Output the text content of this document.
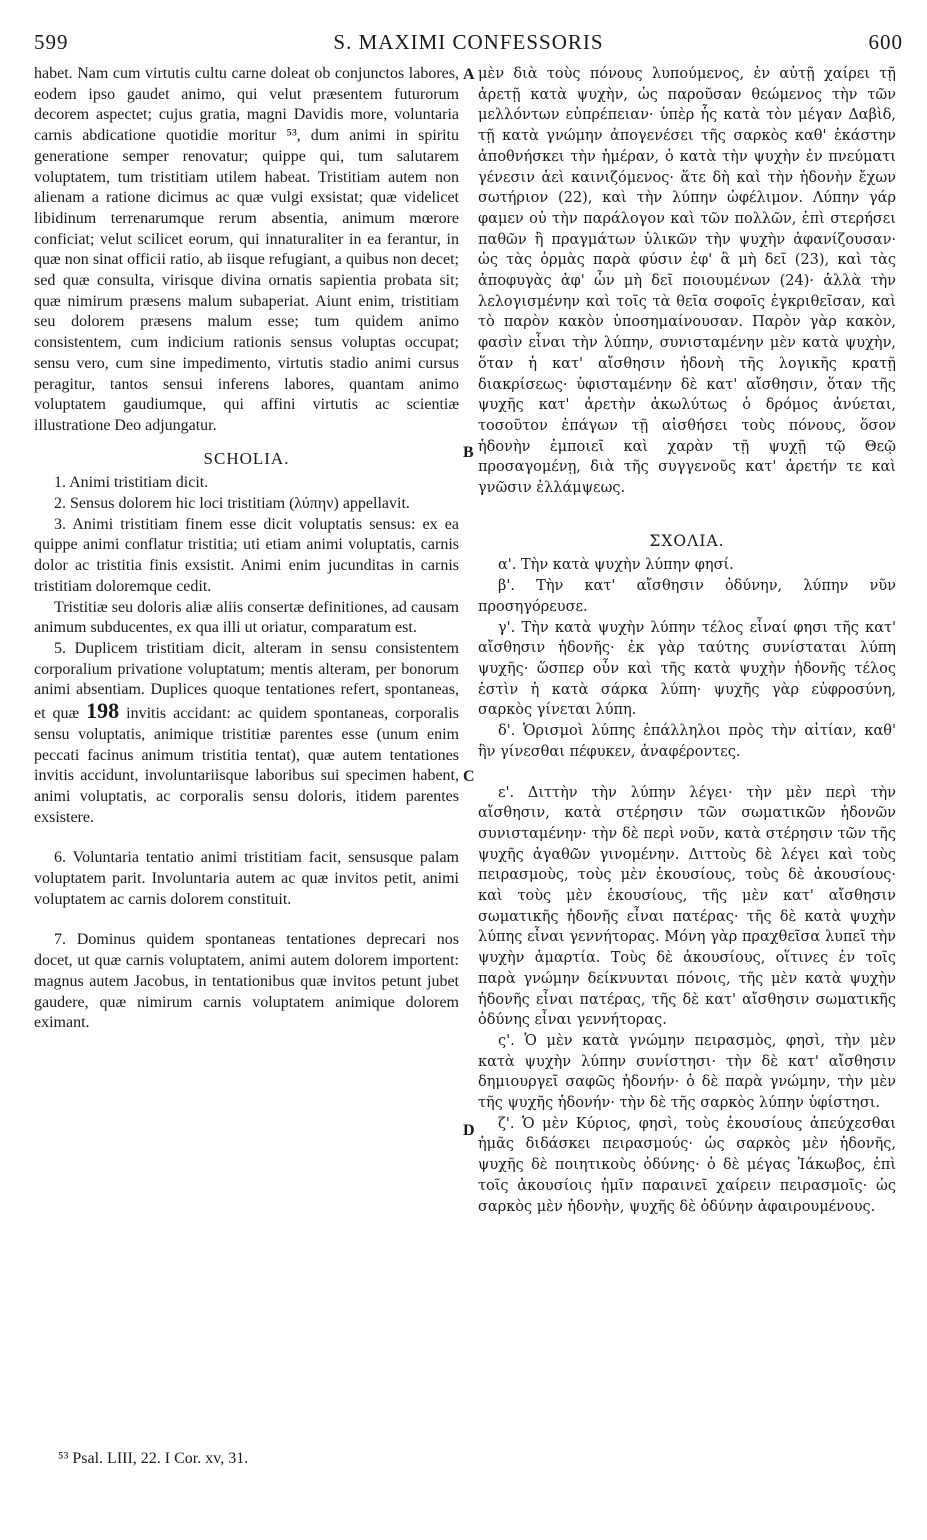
599	S. MAXIMI CONFESSORIS	600

habet. Nam cum virtutis cultu carne doleat ob conjunctos labores, eodem ipso gaudet animo, qui velut præsentem futurorum decorem aspectet; cujus gratia, magni Davidis more, voluntaria carnis abdicatione quotidie moritur ⁵³, dum animi in spiritu generatione semper renovatur; quippe qui, tum salutarem voluptatem, tum tristitiam utilem habeat. Tristitiam autem non alienam a ratione dicimus ac quæ vulgi exsistat; quæ videlicet libidinum terrenarumque rerum absentia, animum mœrore conficiat; velut scilicet eorum, qui innaturaliter in ea ferantur, in quæ non sinat officii ratio, ab iisque refugiant, a quibus non decet; sed quæ consulta, virisque divina ornatis sapientia probata sit; quæ nimirum præsens malum subaperiat. Aiunt enim, tristitiam seu dolorem præsens malum esse; tum quidem animo consistentem, cum indicium rationis sensus voluptas occupat; sensu vero, cum sine impedimento, virtutis stadio animi cursus peragitur, tantos sensui inferens labores, quantam animo voluptatem gaudiumque, qui affini virtutis ac scientiæ illustratione Deo adjungatur.

SCHOLIA.

1. Animi tristitiam dicit.

2. Sensus dolorem hic loci tristitiam (λύπην) appellavit.

3. Animi tristitiam finem esse dicit voluptatis sensus: ex ea quippe animi conflatur tristitia; uti etiam animi voluptatis, carnis dolor ac tristitia finis exsistit. Animi enim jucunditas in carnis tristitiam doloremque cedit.

Tristitiæ seu doloris aliæ aliis consertæ definitiones, ad causam animum subducentes, ex qua illi ut oriatur, comparatum est.

5. Duplicem tristitiam dicit, alteram in sensu consistentem corporalium privatione voluptatum; mentis alteram, per bonorum animi absentiam. Duplices quoque tentationes refert, spontaneas, et quæ 198 invitis accidant: ac quidem spontaneas, corporalis sensu voluptatis, animique tristitiæ parentes esse (unum enim peccati facinus animum tristitia tentat), quæ autem tentationes invitis accidunt, involuntariisque laboribus sui specimen habent, animi voluptatis, ac corporalis sensu doloris, itidem parentes exsistere.

6. Voluntaria tentatio animi tristitiam facit, sensusque palam voluptatem parit. Involuntaria autem ac quæ invitos petit, animi voluptatem ac carnis dolorem constituit.

7. Dominus quidem spontaneas tentationes deprecari nos docet, ut quæ carnis voluptatem, animi autem dolorem importent: magnus autem Jacobus, in tentationibus quæ invitos petunt jubet gaudere, quæ nimirum carnis voluptatem animique dolorem eximant.

A
B
C
D

μὲν διὰ τοὺς πόνους λυπούμενος, ἐν αὐτῇ χαίρει τῇ ἀρετῇ κατὰ ψυχὴν, ὡς παροῦσαν θεώμενος τὴν τῶν μελλόντων εὐπρέπειαν· ὑπὲρ ἧς κατὰ τὸν μέγαν Δαβὶδ, τῇ κατὰ γνώμην ἀπογενέσει τῆς σαρκὸς καθ' ἑκάστην ἀποθνήσκει τὴν ἡμέραν, ὁ κατὰ τὴν ψυχὴν ἐν πνεύματι γένεσιν ἀεὶ καινιζόμενος· ἅτε δὴ καὶ τὴν ἡδονὴν ἔχων σωτήριον (22), καὶ τὴν λύπην ὠφέλιμον. Λύπην γάρ φαμεν οὐ τὴν παράλογον καὶ τῶν πολλῶν, ἐπὶ στερήσει παθῶν ἢ πραγμάτων ὑλικῶν τὴν ψυχὴν ἀφανίζουσαν· ὡς τὰς ὁρμὰς παρὰ φύσιν ἐφ' ἃ μὴ δεῖ (23), καὶ τὰς ἀποφυγὰς ἀφ' ὧν μὴ δεῖ ποιουμένων (24)· ἀλλὰ τὴν λελογισμένην καὶ τοῖς τὰ θεῖα σοφοῖς ἐγκριθεῖσαν, καὶ τὸ παρὸν κακὸν ὑποσημαίνουσαν. Παρὸν γὰρ κακὸν, φασὶν εἶναι τὴν λύπην, συνισταμένην μὲν κατὰ ψυχὴν, ὅταν ἡ κατ' αἴσθησιν ἡδονὴ τῆς λογικῆς κρατῇ διακρίσεως· ὑφισταμένην δὲ κατ' αἴσθησιν, ὅταν τῆς ψυχῆς κατ' ἀρετὴν ἀκωλύτως ὁ δρόμος ἀνύεται, τοσοῦτον ἐπάγων τῇ αἰσθήσει τοὺς πόνους, ὅσον ἡδονὴν ἐμποιεῖ καὶ χαρὰν τῇ ψυχῇ τῷ Θεῷ προσαγομένῃ, διὰ τῆς συγγενοῦς κατ' ἀρετήν τε καὶ γνῶσιν ἐλλάμψεως.

ΣΧΟΛΙΑ.

α'. Τὴν κατὰ ψυχὴν λύπην φησί.

β'. Τὴν κατ' αἴσθησιν ὀδύνην, λύπην νῦν προσηγόρευσε.

γ'. Τὴν κατὰ ψυχὴν λύπην τέλος εἶναί φησι τῆς κατ' αἴσθησιν ἡδονῆς· ἐκ γὰρ ταύτης συνίσταται λύπη ψυχῆς· ὥσπερ οὖν καὶ τῆς κατὰ ψυχὴν ἡδονῆς τέλος ἐστὶν ἡ κατὰ σάρκα λύπη· ψυχῆς γὰρ εὐφροσύνη, σαρκὸς γίνεται λύπη.

δ'. Ὁρισμοὶ λύπης ἐπάλληλοι πρὸς τὴν αἰτίαν, καθ' ἣν γίνεσθαι πέφυκεν, ἀναφέροντες.

ε'. Διττὴν τὴν λύπην λέγει· τὴν μὲν περὶ τὴν αἴσθησιν, κατὰ στέρησιν τῶν σωματικῶν ἡδονῶν συνισταμένην· τὴν δὲ περὶ νοῦν, κατὰ στέρησιν τῶν τῆς ψυχῆς ἀγαθῶν γινομένην. Διττοὺς δὲ λέγει καὶ τοὺς πειρασμοὺς, τοὺς μὲν ἑκουσίους, τοὺς δὲ ἀκουσίους· καὶ τοὺς μὲν ἑκουσίους, τῆς μὲν κατ' αἴσθησιν σωματικῆς ἡδονῆς εἶναι πατέρας· τῆς δὲ κατὰ ψυχὴν λύπης εἶναι γεννήτορας. Μόνη γὰρ πραχθεῖσα λυπεῖ τὴν ψυχὴν ἁμαρτία. Τοὺς δὲ ἀκουσίους, οἵτινες ἐν τοῖς παρὰ γνώμην δείκνυνται πόνοις, τῆς μὲν κατὰ ψυχὴν ἡδονῆς εἶναι πατέρας, τῆς δὲ κατ' αἴσθησιν σωματικῆς ὀδύνης εἶναι γεννήτορας.

ς'. Ὁ μὲν κατὰ γνώμην πειρασμὸς, φησὶ, τὴν μὲν κατὰ ψυχὴν λύπην συνίστησι· τὴν δὲ κατ' αἴσθησιν δημιουργεῖ σαφῶς ἡδονήν· ὁ δὲ παρὰ γνώμην, τὴν μὲν τῆς ψυχῆς ἡδονήν· τὴν δὲ τῆς σαρκὸς λύπην ὑφίστησι.

ζ'. Ὁ μὲν Κύριος, φησὶ, τοὺς ἑκουσίους ἀπεύχεσθαι ἡμᾶς διδάσκει πειρασμούς· ὡς σαρκὸς μὲν ἡδονῆς, ψυχῆς δὲ ποιητικοὺς ὀδύνης· ὁ δὲ μέγας Ἰάκωβος, ἐπὶ τοῖς ἀκουσίοις ἡμῖν παραινεῖ χαίρειν πειρασμοῖς· ὡς σαρκὸς μὲν ἡδονὴν, ψυχῆς δὲ ὀδύνην ἀφαιρουμένους.

⁵³ Psal. LIII, 22. I Cor. xv, 31.
